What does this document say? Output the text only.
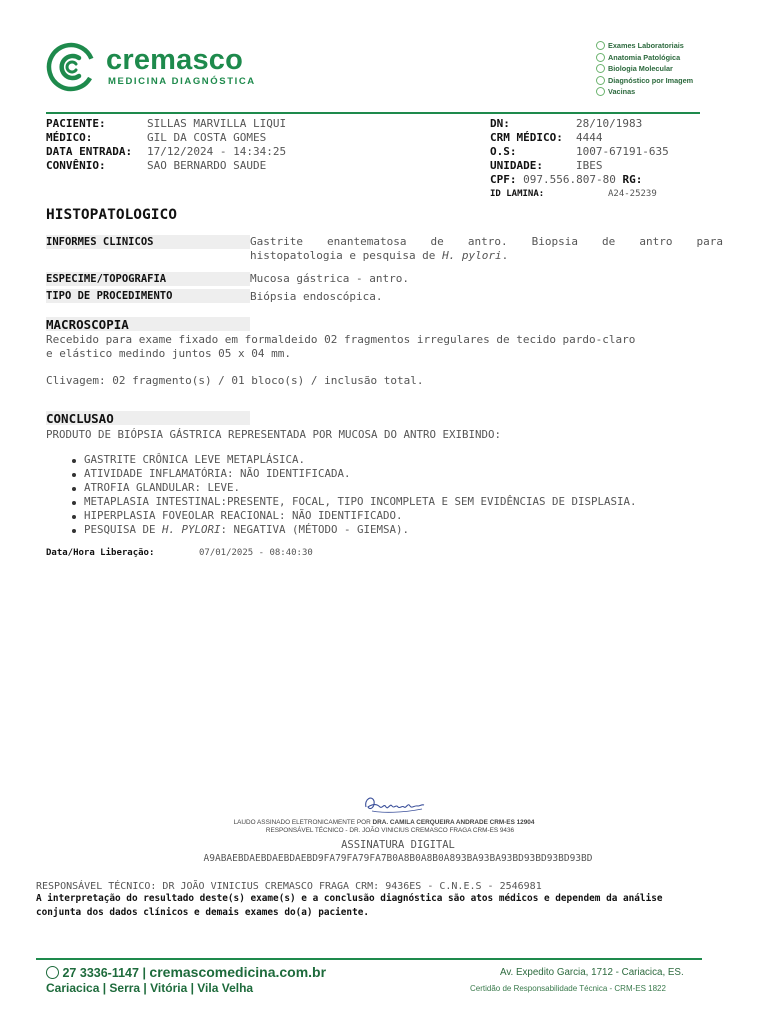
cremasco
MEDICINA DIAGNÓSTICA
Exames Laboratoriais
Anatomia Patológica
Biologia Molecular
Diagnóstico por Imagem
Vacinas
PACIENTE:	SILLAS MARVILLA LIQUI
MÉDICO:	GIL DA COSTA GOMES
DATA ENTRADA: 17/12/2024 - 14:34:25
CONVÊNIO:	SAO BERNARDO SAUDE
DN:	28/10/1983
CRM MÉDICO: 4444
O.S:	1007-67191-635
UNIDADE:	IBES
CPF: 097.556.807-80 RG:
ID LAMINA:	A24-25239
HISTOPATOLOGICO
INFORMES CLINICOS	Gastrite enantematosa de antro. Biopsia de antro para
histopatologia e pesquisa de H. pylori.
ESPECIME/TOPOGRAFIA	Mucosa gástrica - antro.
TIPO DE PROCEDIMENTO	Biópsia endoscópica.
MACROSCOPIA
Recebido para exame fixado em formaldeido 02 fragmentos irregulares de tecido pardo-claro
e elástico medindo juntos 05 x 04 mm.
Clivagem: 02 fragmento(s) / 01 bloco(s) / inclusão total.
CONCLUSAO
PRODUTO DE BIÓPSIA GÁSTRICA REPRESENTADA POR MUCOSA DO ANTRO EXIBINDO:
GASTRITE CRÔNICA LEVE METAPLÁSICA.
ATIVIDADE INFLAMATÓRIA: NÃO IDENTIFICADA.
ATROFIA GLANDULAR: LEVE.
METAPLASIA INTESTINAL:PRESENTE, FOCAL, TIPO INCOMPLETA E SEM EVIDÊNCIAS DE DISPLASIA.
HIPERPLASIA FOVEOLAR REACIONAL: NÃO IDENTIFICADO.
PESQUISA DE H. PYLORI: NEGATIVA (MÉTODO - GIEMSA).
Data/Hora Liberação:	07/01/2025 - 08:40:30
LAUDO ASSINADO ELETRONICAMENTE POR DRA. CAMILA CERQUEIRA ANDRADE CRM-ES 12904
RESPONSÁVEL TÉCNICO - DR. JOÃO VINICIUS CREMASCO FRAGA CRM-ES 9436
ASSINATURA DIGITAL
A9ABAEBDAEBDAEBDAEBD9FA79FA79FA7B0A8B0A8B0A893BA93BA93BD93BD93BD93BD
RESPONSÁVEL TÉCNICO: DR JOÃO VINICIUS CREMASCO FRAGA CRM: 9436ES - C.N.E.S - 2546981
A interpretação do resultado deste(s) exame(s) e a conclusão diagnóstica são atos médicos e dependem da análise
conjunta dos dados clínicos e demais exames do(a) paciente.
27 3336-1147 | cremascomedicina.com.br
Cariacica | Serra | Vitória | Vila Velha
Av. Expedito Garcia, 1712 - Cariacica, ES.
Certidão de Responsabilidade Técnica - CRM-ES 1822
